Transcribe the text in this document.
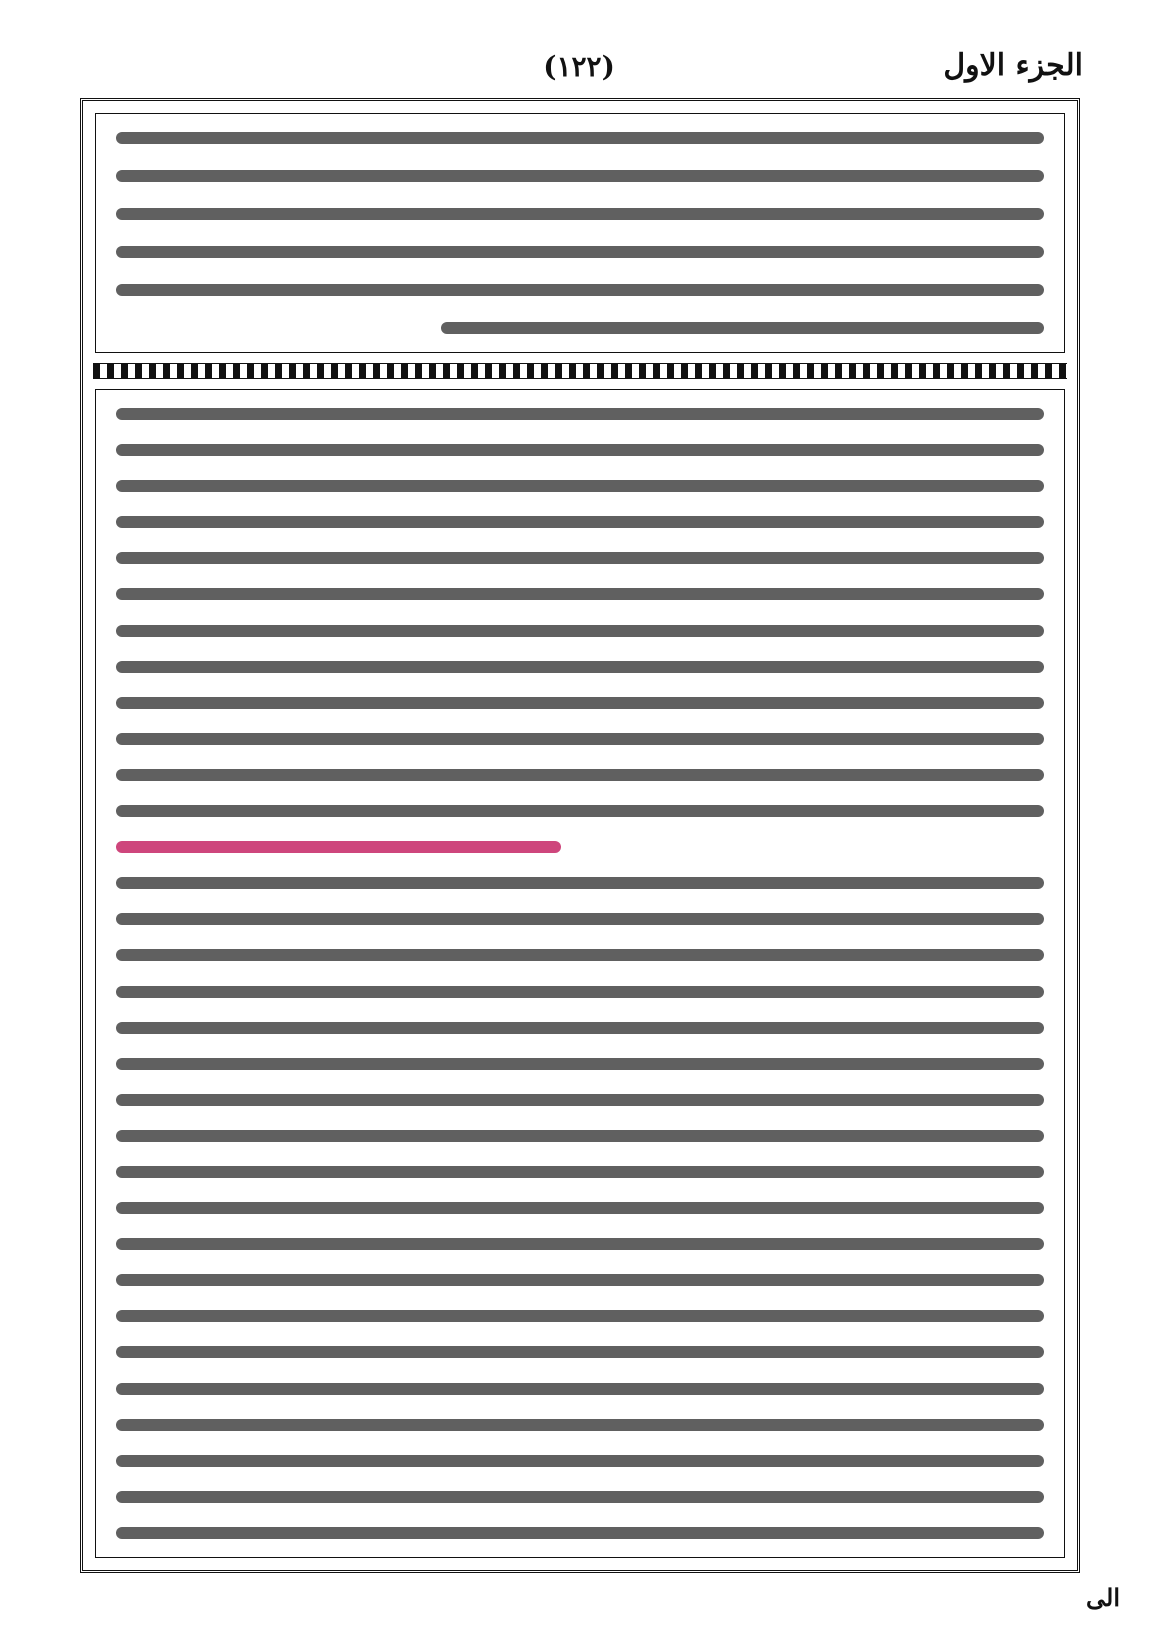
الجزء الاول
(١٢٢)
الى
